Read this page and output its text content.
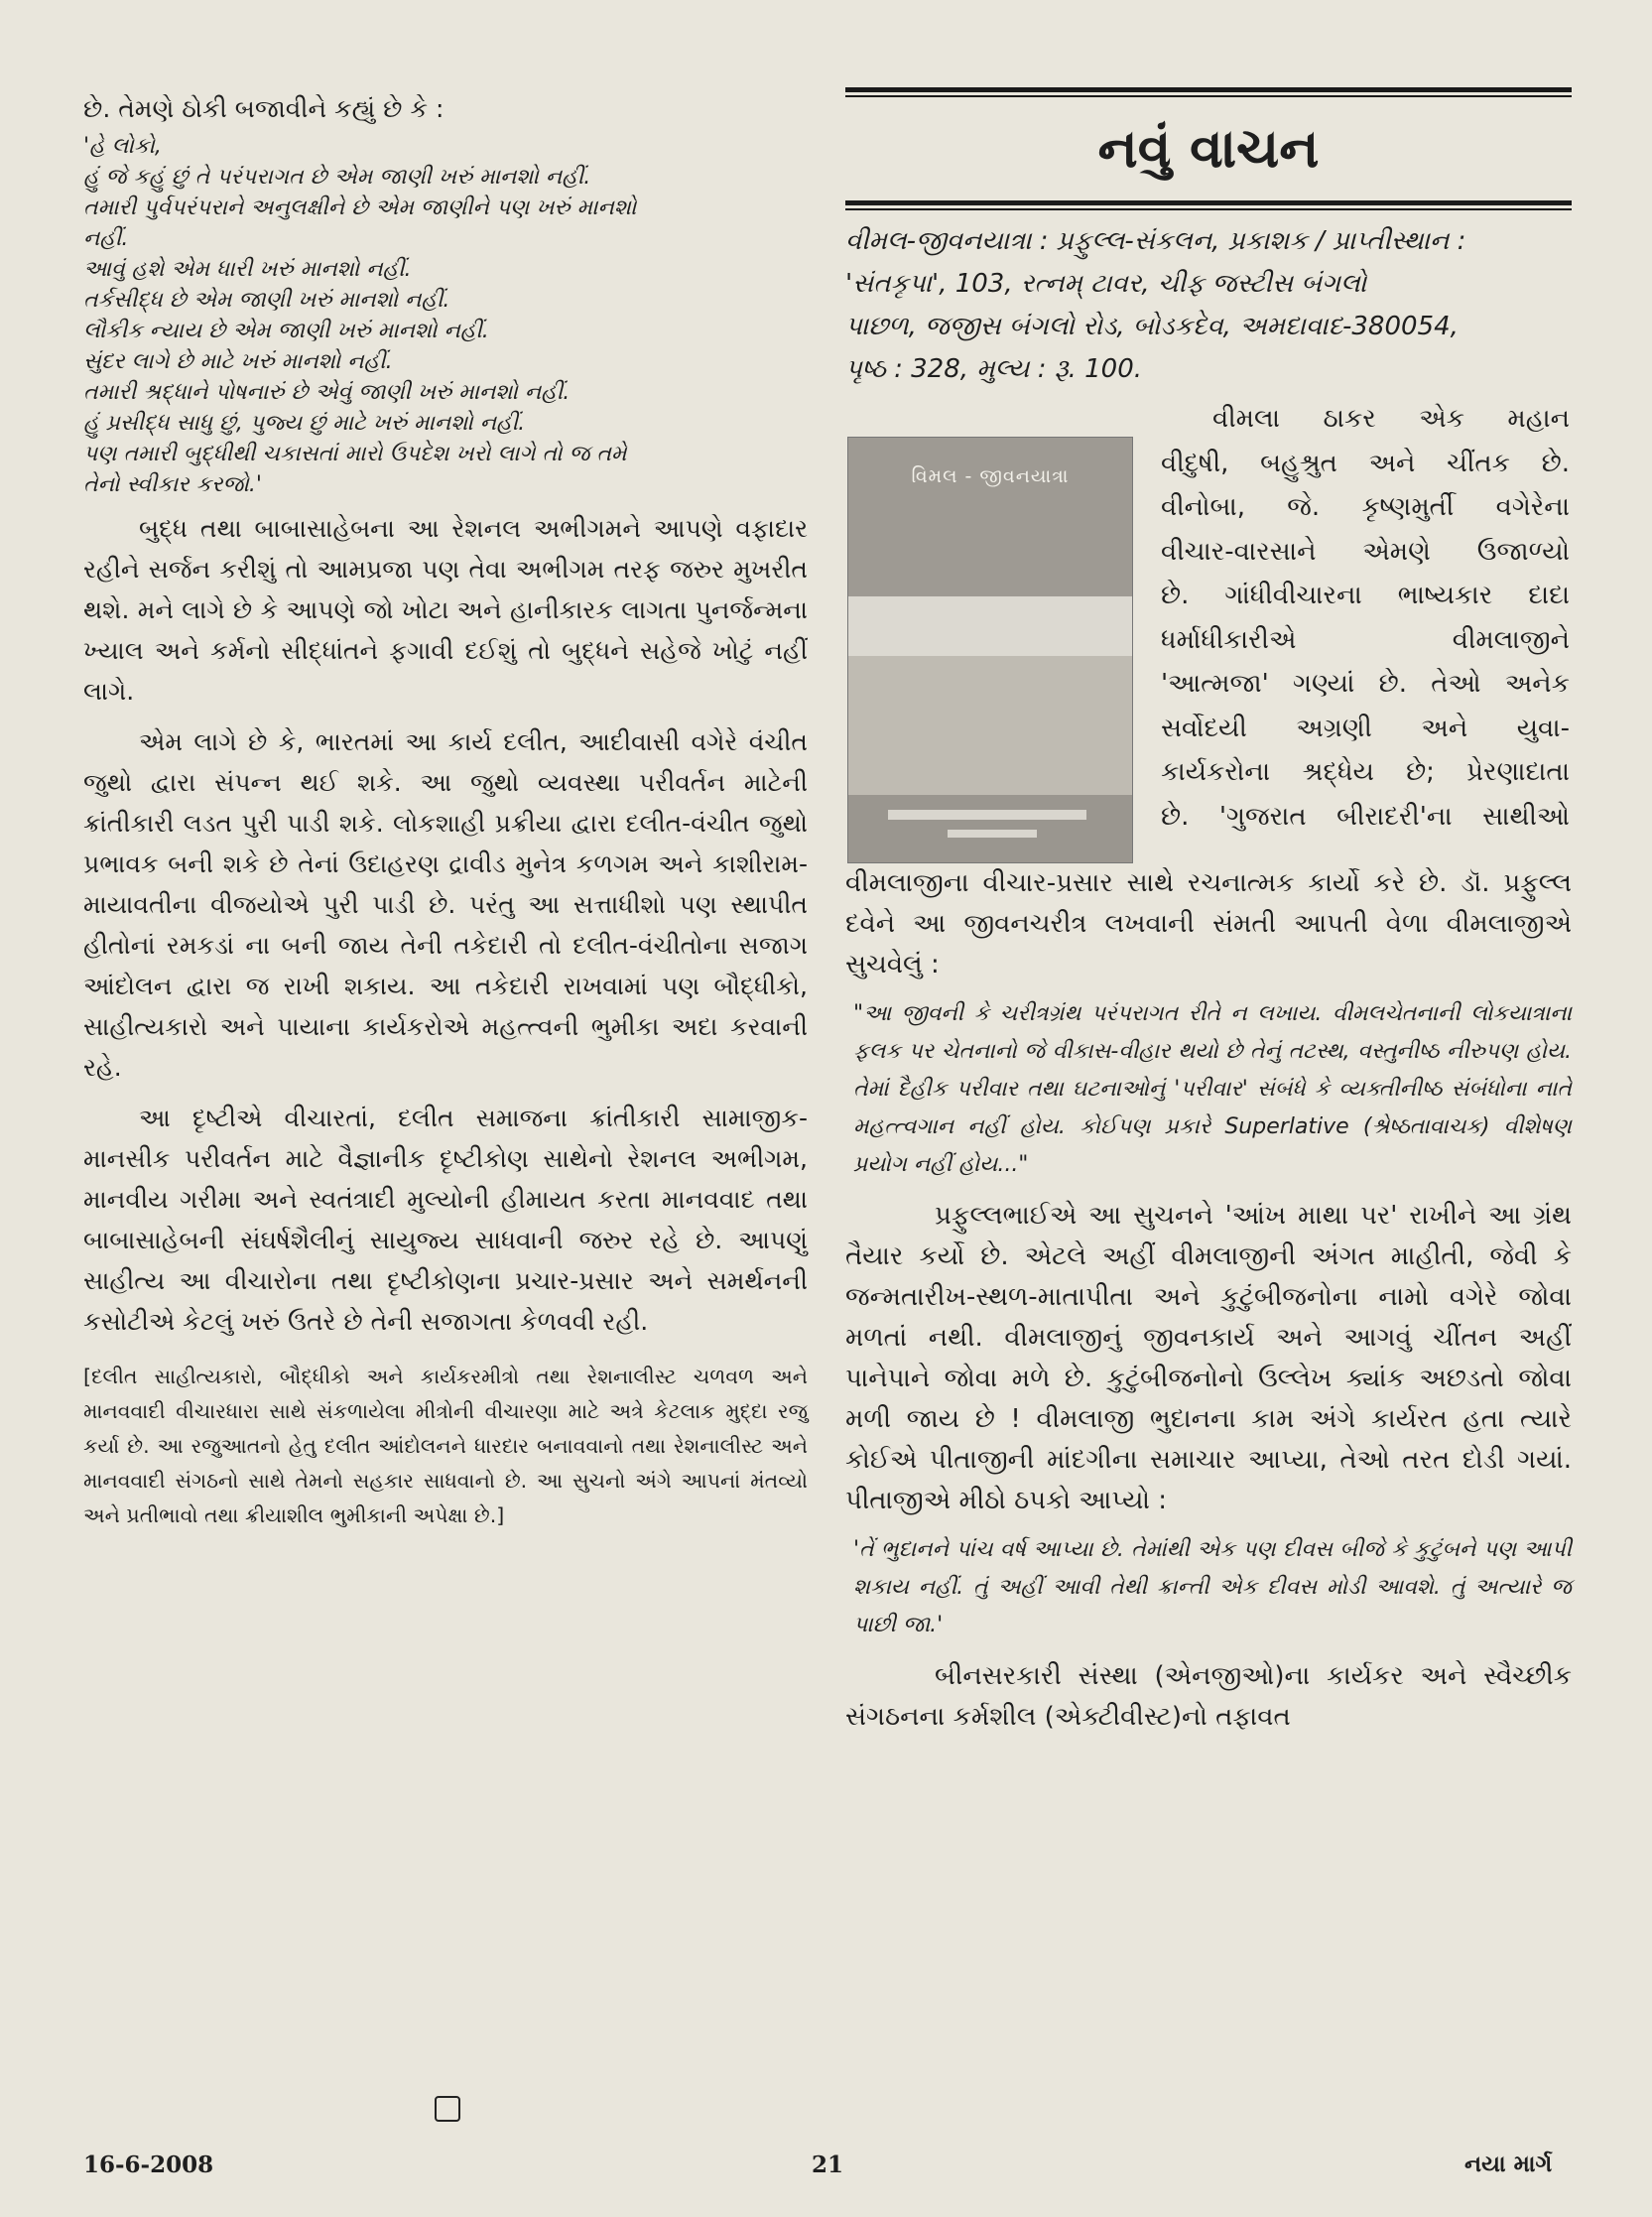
છે. તેમણે ઠોકી બજાવીને કહ્યું છે કે :

'હે લોકો,
હું જે કહું છું તે પરંપરાગત છે એમ જાણી ખરું માનશો નહીં.
તમારી પુર્વપરંપરાને અનુલક્ષીને છે એમ જાણીને પણ ખરું માનશો
નહીં.
આવું હશે એમ ધારી ખરું માનશો નહીં.
તર્કસીદ્ધ છે એમ જાણી ખરું માનશો નહીં.
લૌકીક ન્યાય છે એમ જાણી ખરું માનશો નહીં.
સુંદર લાગે છે માટે ખરું માનશો નહીં.
તમારી શ્રદ્ધાને પોષનારું છે એવું જાણી ખરું માનશો નહીં.
હું પ્રસીદ્ધ સાધુ છું, પુજ્ય છું માટે ખરું માનશો નહીં.
પણ તમારી બુદ્ધીથી ચકાસતાં મારો ઉપદેશ ખરો લાગે તો જ તમે
તેનો સ્વીકાર કરજો.'

બુદ્ધ તથા બાબાસાહેબના આ રેશનલ અભીગમને આપણે વફાદાર રહીને સર્જન કરીશું તો આમપ્રજા પણ તેવા અભીગમ તરફ જરુર મુખરીત થશે. મને લાગે છે કે આપણે જો ખોટા અને હાનીકારક લાગતા પુનર્જન્મના ખ્યાલ અને કર્મનો સીદ્ધાંતને ફગાવી દઈશું તો બુદ્ધને સહેજે ખોટું નહીં લાગે.

એમ લાગે છે કે, ભારતમાં આ કાર્ય દલીત, આદીવાસી વગેરે વંચીત જુથો દ્વારા સંપન્ન થઈ શકે. આ જુથો વ્યવસ્થા પરીવર્તન માટેની ક્રાંતીકારી લડત પુરી પાડી શકે. લોકશાહી પ્રક્રીયા દ્વારા દલીત-વંચીત જુથો પ્રભાવક બની શકે છે તેનાં ઉદાહરણ દ્રાવીડ મુનેત્ર કળગમ અને કાશીરામ-માયાવતીના વીજયોએ પુરી પાડી છે. પરંતુ આ સત્તાધીશો પણ સ્થાપીત હીતોનાં રમકડાં ના બની જાય તેની તકેદારી તો દલીત-વંચીતોના સજાગ આંદોલન દ્વારા જ રાખી શકાય. આ તકેદારી રાખવામાં પણ બૌદ્ધીકો, સાહીત્યકારો અને પાયાના કાર્યકરોએ મહત્ત્વની ભુમીકા અદા કરવાની રહે.

આ દૃષ્ટીએ વીચારતાં, દલીત સમાજના ક્રાંતીકારી સામાજીક-માનસીક પરીવર્તન માટે વૈજ્ઞાનીક દૃષ્ટીકોણ સાથેનો રેશનલ અભીગમ, માનવીય ગરીમા અને સ્વતંત્રાદી મુલ્યોની હીમાયત કરતા માનવવાદ તથા બાબાસાહેબની સંઘર્ષશૈલીનું સાયુજ્ય સાધવાની જરુર રહે છે. આપણું સાહીત્ય આ વીચારોના તથા દૃષ્ટીકોણના પ્રચાર-પ્રસાર અને સમર્થનની કસોટીએ કેટલું ખરું ઉતરે છે તેની સજાગતા કેળવવી રહી.

[દલીત સાહીત્યકારો, બૌદ્ધીકો અને કાર્યકરમીત્રો તથા રેશનાલીસ્ટ ચળવળ અને માનવવાદી વીચારધારા સાથે સંકળાયેલા મીત્રોની વીચારણા માટે અત્રે કેટલાક મુદ્દા રજુ કર્યા છે. આ રજુઆતનો હેતુ દલીત આંદોલનને ધારદાર બનાવવાનો તથા રેશનાલીસ્ટ અને માનવવાદી સંગઠનો સાથે તેમનો સહકાર સાધવાનો છે. આ સુચનો અંગે આપનાં મંતવ્યો અને પ્રતીભાવો તથા ક્રીયાશીલ ભુમીકાની અપેક્ષા છે.]

નવું વાચન
વીમલ-જીવનયાત્રા : પ્રફુલ્લ-સંકલન, પ્રકાશક / પ્રાપ્તીસ્થાન :
'સંતકૃપા', 103, રત્નમ્ ટાવર, ચીફ જસ્ટીસ બંગલો
પાછળ, જજીસ બંગલો રોડ, બોડકદેવ, અમદાવાદ-380054,
પૃષ્ઠ : 328, મુલ્ય : રૂ. 100.
વિમલ - જીવનયાત્રા
વીમલા ઠાકર એક મહાન
વીદુષી, બહુશ્રુત અને ચીંતક છે.
વીનોબા, જે. કૃષ્ણમુર્તી વગેરેના
વીચાર-વારસાને એમણે ઉજાળ્યો
છે. ગાંધીવીચારના ભાષ્યકાર દાદા
ધર્માધીકારીએ વીમલાજીને
'આત્મજા' ગણ્યાં છે. તેઓ અનેક
સર્વોદયી અગ્રણી અને યુવા-
કાર્યકરોના શ્રદ્ધેય છે; પ્રેરણાદાતા
છે. 'ગુજરાત બીરાદરી'ના સાથીઓ

વીમલાજીના વીચાર-પ્રસાર સાથે રચનાત્મક કાર્યો કરે છે. ડૉ. પ્રફુલ્લ દવેને આ જીવનચરીત્ર લખવાની સંમતી આપતી વેળા વીમલાજીએ સુચવેલું :

"આ જીવની કે ચરીત્રગ્રંથ પરંપરાગત રીતે ન લખાય. વીમલચેતનાની લોકયાત્રાના ફલક પર ચેતનાનો જે વીકાસ-વીહાર થયો છે તેનું તટસ્થ, વસ્તુનીષ્ઠ નીરુપણ હોય. તેમાં દૈહીક પરીવાર તથા ઘટનાઓનું 'પરીવાર' સંબંધે કે વ્યક્તીનીષ્ઠ સંબંધોના નાતે મહત્ત્વગાન નહીં હોય. કોઈપણ પ્રકારે Superlative (શ્રેષ્ઠતાવાચક) વીશેષણ પ્રયોગ નહીં હોય..."

પ્રફુલ્લભાઈએ આ સુચનને 'આંખ માથા પર' રાખીને આ ગ્રંથ તૈયાર કર્યો છે. એટલે અહીં વીમલાજીની અંગત માહીતી, જેવી કે જન્મતારીખ-સ્થળ-માતાપીતા અને કુટુંબીજનોના નામો વગેરે જોવા મળતાં નથી. વીમલાજીનું જીવનકાર્ય અને આગવું ચીંતન અહીં પાનેપાને જોવા મળે છે. કુટુંબીજનોનો ઉલ્લેખ ક્યાંક અછડતો જોવા મળી જાય છે ! વીમલાજી ભુદાનના કામ અંગે કાર્યરત હતા ત્યારે કોઈએ પીતાજીની માંદગીના સમાચાર આપ્યા, તેઓ તરત દોડી ગયાં. પીતાજીએ મીઠો ઠપકો આપ્યો :

'તેં ભુદાનને પાંચ વર્ષ આપ્યા છે. તેમાંથી એક પણ દીવસ બીજે કે કુટુંબને પણ આપી શકાય નહીં. તું અહીં આવી તેથી ક્રાન્તી એક દીવસ મોડી આવશે. તું અત્યારે જ પાછી જા.'

બીનસરકારી સંસ્થા (એનજીઓ)ના કાર્યકર અને સ્વૈચ્છીક સંગઠનના કર્મશીલ (એક્ટીવીસ્ટ)નો તફાવત

16-6-2008	21	નયા માર્ગ
